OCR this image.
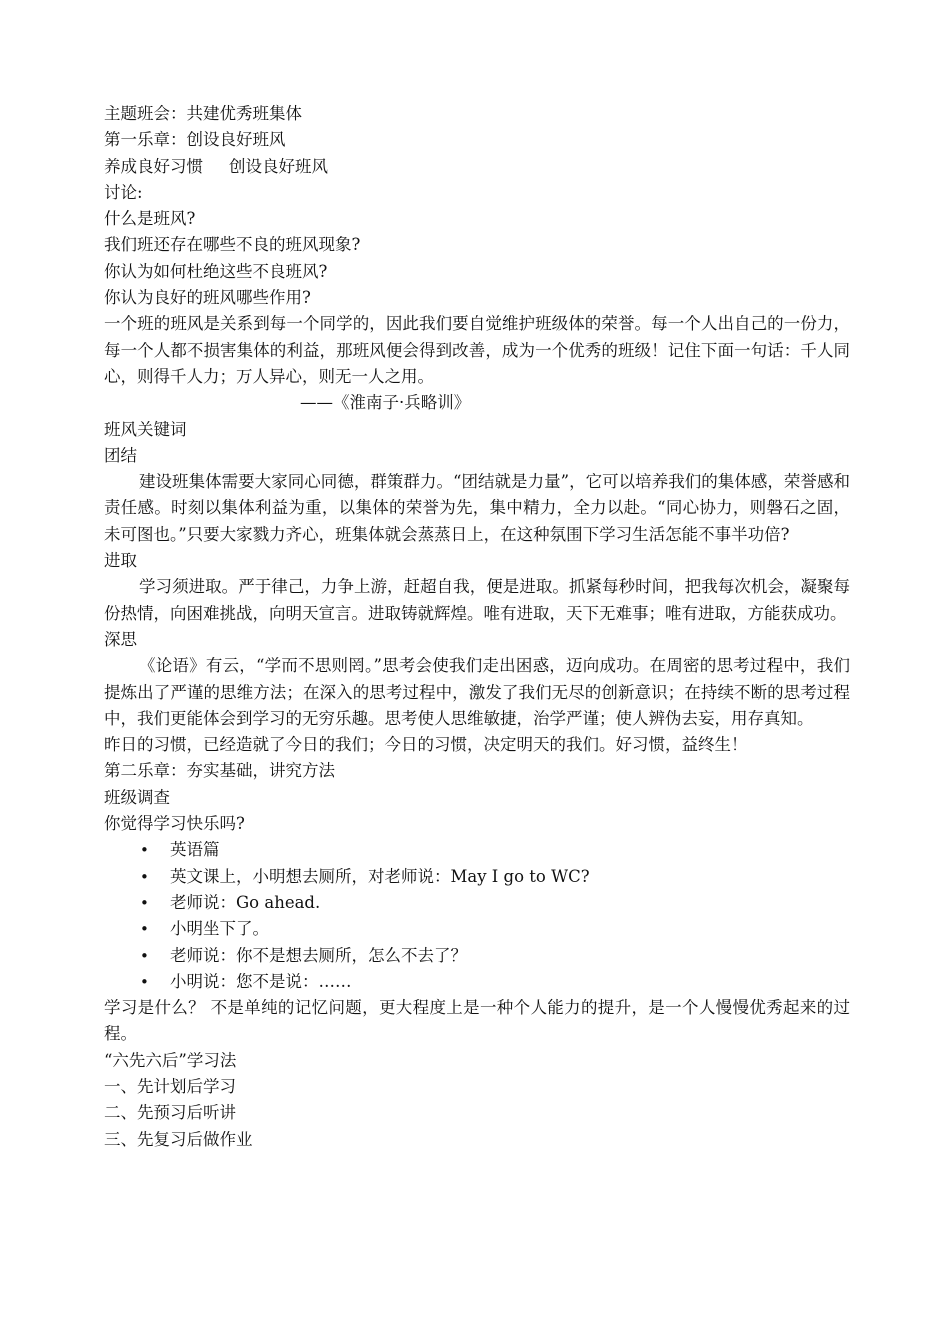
主题班会：共建优秀班集体

第一乐章：创设良好班风

养成良好习惯 创设良好班风

讨论:

什么是班风?

我们班还存在哪些不良的班风现象?

你认为如何杜绝这些不良班风?

你认为良好的班风哪些作用?

一个班的班风是关系到每一个同学的，因此我们要自觉维护班级体的荣誉。每一个人出自己的一份力，每一个人都不损害集体的利益，那班风便会得到改善，成为一个优秀的班级！记住下面一句话：千人同心，则得千人力；万人异心，则无一人之用。

——《淮南子·兵略训》

班风关键词

团结

建设班集体需要大家同心同德，群策群力。“团结就是力量”，它可以培养我们的集体感，荣誉感和责任感。时刻以集体利益为重，以集体的荣誉为先，集中精力，全力以赴。“同心协力，则磐石之固，未可图也。”只要大家戮力齐心，班集体就会蒸蒸日上，在这种氛围下学习生活怎能不事半功倍?

进取

学习须进取。严于律己，力争上游，赶超自我，便是进取。抓紧每秒时间，把我每次机会，凝聚每份热情，向困难挑战，向明天宣言。进取铸就辉煌。唯有进取，天下无难事；唯有进取，方能获成功。

深思

《论语》有云，“学而不思则罔。”思考会使我们走出困惑，迈向成功。在周密的思考过程中，我们提炼出了严谨的思维方法；在深入的思考过程中，激发了我们无尽的创新意识；在持续不断的思考过程中，我们更能体会到学习的无穷乐趣。思考使人思维敏捷，治学严谨；使人辨伪去妄，用存真知。

昨日的习惯，已经造就了今日的我们；今日的习惯，决定明天的我们。好习惯，益终生！

第二乐章：夯实基础，讲究方法

班级调查

你觉得学习快乐吗?

• 英语篇
• 英文课上，小明想去厕所，对老师说：May I go to WC?
• 老师说：Go ahead.
• 小明坐下了。
• 老师说：你不是想去厕所，怎么不去了？
• 小明说：您不是说：……

学习是什么？ 不是单纯的记忆问题，更大程度上是一种个人能力的提升，是一个人慢慢优秀起来的过程。

“六先六后”学习法

一、先计划后学习

二、先预习后听讲

三、先复习后做作业
